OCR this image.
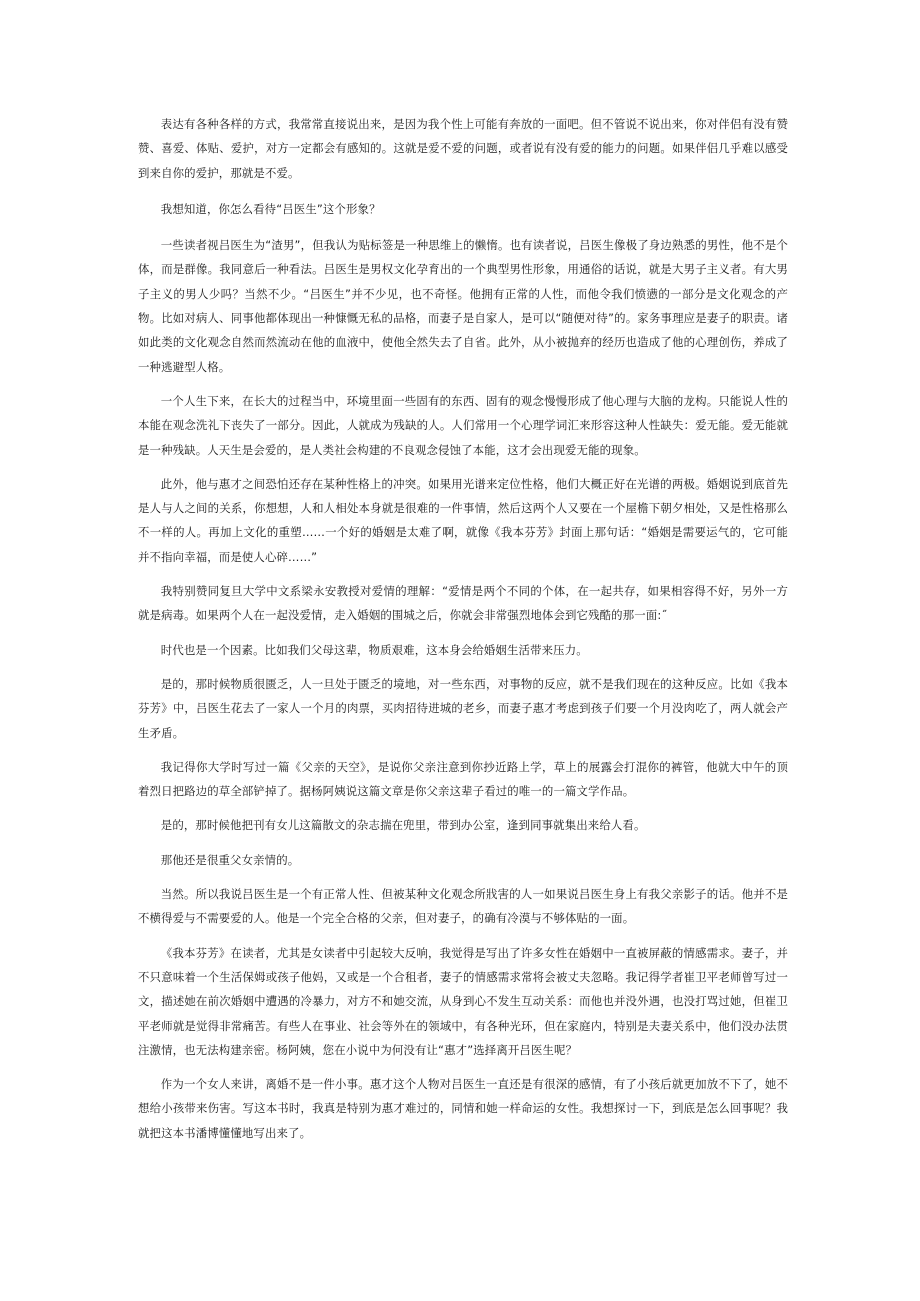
表达有各种各样的方式，我常常直接说出来，是因为我个性上可能有奔放的一面吧。但不管说不说出来，你对伴侣有没有赞赞、喜爱、体贴、爱护，对方一定都会有感知的。这就是爱不爱的问题，或者说有没有爱的能力的问题。如果伴侣几乎难以感受到来自你的爱护，那就是不爱。

我想知道，你怎么看待“吕医生”这个形象？

一些读者视吕医生为“渣男”，但我认为贴标签是一种思维上的懒惰。也有读者说，吕医生像极了身边熟悉的男性，他不是个体，而是群像。我同意后一种看法。吕医生是男权文化孕育出的一个典型男性形象，用通俗的话说，就是大男子主义者。有大男子主义的男人少吗？当然不少。“吕医生”并不少见，也不奇怪。他拥有正常的人性，而他令我们愤懑的一部分是文化观念的产物。比如对病人、同事他都体现出一种慷慨无私的品格，而妻子是自家人，是可以“随便对待”的。家务事理应是妻子的职责。诸如此类的文化观念自然而然流动在他的血液中，使他全然失去了自省。此外，从小被抛弃的经历也造成了他的心理创伤，养成了一种逃避型人格。

一个人生下来，在长大的过程当中，环境里面一些固有的东西、固有的观念慢慢形成了他心理与大脑的龙构。只能说人性的本能在观念洗礼下丧失了一部分。因此，人就成为残缺的人。人们常用一个心理学词汇来形容这种人性缺失：爱无能。爱无能就是一种残缺。人天生是会爱的，是人类社会构建的不良观念侵蚀了本能，这才会出现爱无能的现象。

此外，他与惠才之间恐怕还存在某种性格上的冲突。如果用光谱来定位性格，他们大概正好在光谱的两极。婚姻说到底首先是人与人之间的关系，你想想，人和人相处本身就是很难的一件事情，然后这两个人又要在一个屋檐下朝夕相处，又是性格那么不一样的人。再加上文化的重塑……一个好的婚姻是太难了啊，就像《我本芬芳》封面上那句话：“婚姻是需要运气的，它可能并不指向幸福，而是使人心碎……”

我特别赞同复旦大学中文系梁永安教授对爱情的理解：“爱情是两个不同的个体，在一起共存，如果相容得不好，另外一方就是病毒。如果两个人在一起没爱情，走入婚姻的围城之后，你就会非常强烈地体会到它残酷的那一面:˝

时代也是一个因素。比如我们父母这辈，物质艰难，这本身会给婚姻生活带来压力。

是的，那时候物质很匮乏，人一旦处于匮乏的境地，对一些东西，对事物的反应，就不是我们现在的这种反应。比如《我本芬芳》中，吕医生花去了一家人一个月的肉票，买肉招待进城的老乡，而妻子惠才考虑到孩子们要一个月没肉吃了，两人就会产生矛盾。

我记得你大学时写过一篇《父亲的天空》，是说你父亲注意到你抄近路上学，草上的展露会打混你的裤管，他就大中午的顶着烈日把路边的草全部铲掉了。据杨阿姨说这篇文章是你父亲这辈子看过的唯一的一篇文学作品。

是的，那时候他把刊有女儿这篇散文的杂志揣在兜里，带到办公室，逢到同事就集出来给人看。

那他还是很重父女亲情的。

当然。所以我说吕医生是一个有正常人性、但被某种文化观念所戕害的人一如果说吕医生身上有我父亲影子的话。他并不是不横得爱与不需要爱的人。他是一个完全合格的父亲，但对妻子，的确有冷漠与不够体贴的一面。

《我本芬芳》在读者，尤其是女读者中引起较大反响，我觉得是写出了许多女性在婚姻中一直被屏蔽的情感需求。妻子，并不只意味着一个生活保姆或孩子他妈，又或是一个合租者，妻子的情感需求常将会被丈夫忽略。我记得学者崔卫平老师曾写过一文，描述她在前次婚姻中遭遇的冷暴力，对方不和她交流，从身到心不发生互动关系：而他也并没外遇，也没打骂过她，但崔卫平老师就是觉得非常痛苦。有些人在事业、社会等外在的领域中，有各种光环，但在家庭内，特别是夫妻关系中，他们没办法贯注激情，也无法构建亲密。杨阿姨，您在小说中为何没有让“惠才”选择离开吕医生呢？

作为一个女人来讲，离婚不是一件小事。惠才这个人物对吕医生一直还是有很深的感情，有了小孩后就更加放不下了，她不想给小孩带来伤害。写这本书时，我真是特别为惠才难过的，同情和她一样命运的女性。我想探讨一下，到底是怎么回事呢？我就把这本书潘博懂懂地写出来了。
